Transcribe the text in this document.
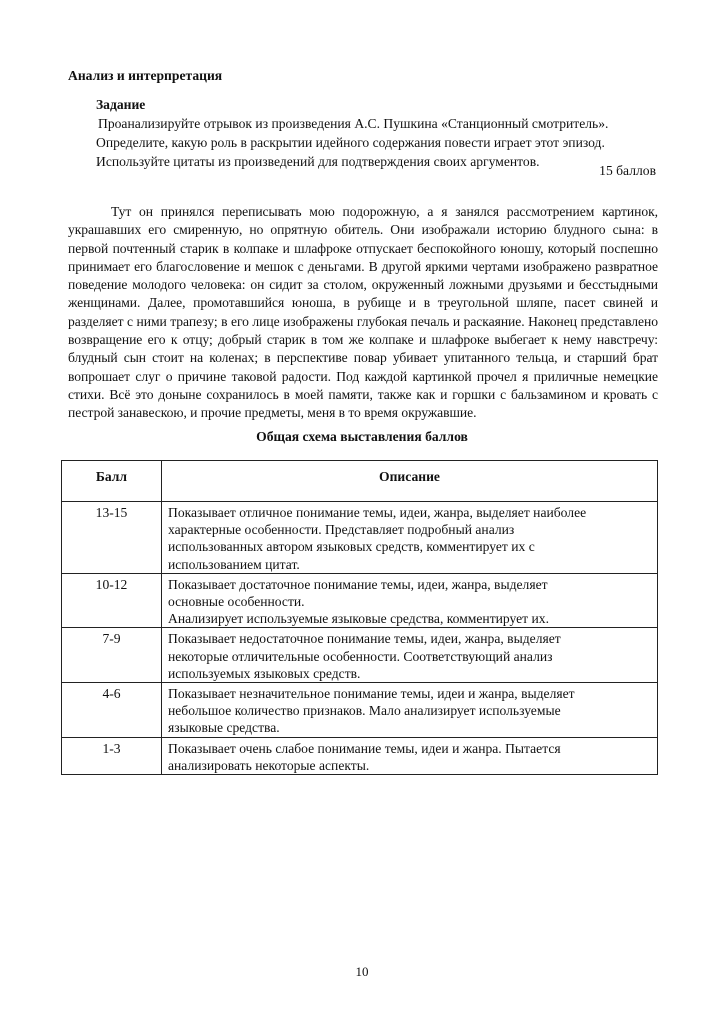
Анализ и интерпретация
Задание
Проанализируйте отрывок из произведения А.С. Пушкина «Станционный смотритель».
Определите, какую роль в раскрытии идейного содержания повести играет этот эпизод.
Используйте цитаты из произведений для подтверждения своих аргументов.
15 баллов
Тут он принялся переписывать мою подорожную, а я занялся рассмотрением картинок, украшавших его смиренную, но опрятную обитель. Они изображали историю блудного сына: в первой почтенный старик в колпаке и шлафроке отпускает беспокойного юношу, который поспешно принимает его благословение и мешок с деньгами. В другой яркими чертами изображено развратное поведение молодого человека: он сидит за столом, окруженный ложными друзьями и бесстыдными женщинами. Далее, промотавшийся юноша, в рубище и в треугольной шляпе, пасет свиней и разделяет с ними трапезу; в его лице изображены глубокая печаль и раскаяние. Наконец представлено возвращение его к отцу; добрый старик в том же колпаке и шлафроке выбегает к нему навстречу: блудный сын стоит на коленах; в перспективе повар убивает упитанного тельца, и старший брат вопрошает слуг о причине таковой радости. Под каждой картинкой прочел я приличные немецкие стихи. Всё это доныне сохранилось в моей памяти, также как и горшки с бальзамином и кровать с пестрой занавескою, и прочие предметы, меня в то время окружавшие.
Общая схема выставления баллов
Балл	Описание
13-15	Показывает отличное понимание темы, идеи, жанра, выделяет наиболее
характерные особенности. Представляет подробный анализ
использованных автором языковых средств, комментирует их с
использованием цитат.

10-12	Показывает достаточное понимание темы, идеи, жанра, выделяет
основные особенности.
Анализирует используемые языковые средства, комментирует их.

7-9	Показывает недостаточное понимание темы, идеи, жанра, выделяет
некоторые отличительные особенности. Соответствующий анализ
используемых языковых средств.

4-6	Показывает незначительное понимание темы, идеи и жанра, выделяет
небольшое количество признаков. Мало анализирует используемые
языковые средства.

1-3	Показывает очень слабое понимание темы, идеи и жанра. Пытается
анализировать некоторые аспекты.
10
